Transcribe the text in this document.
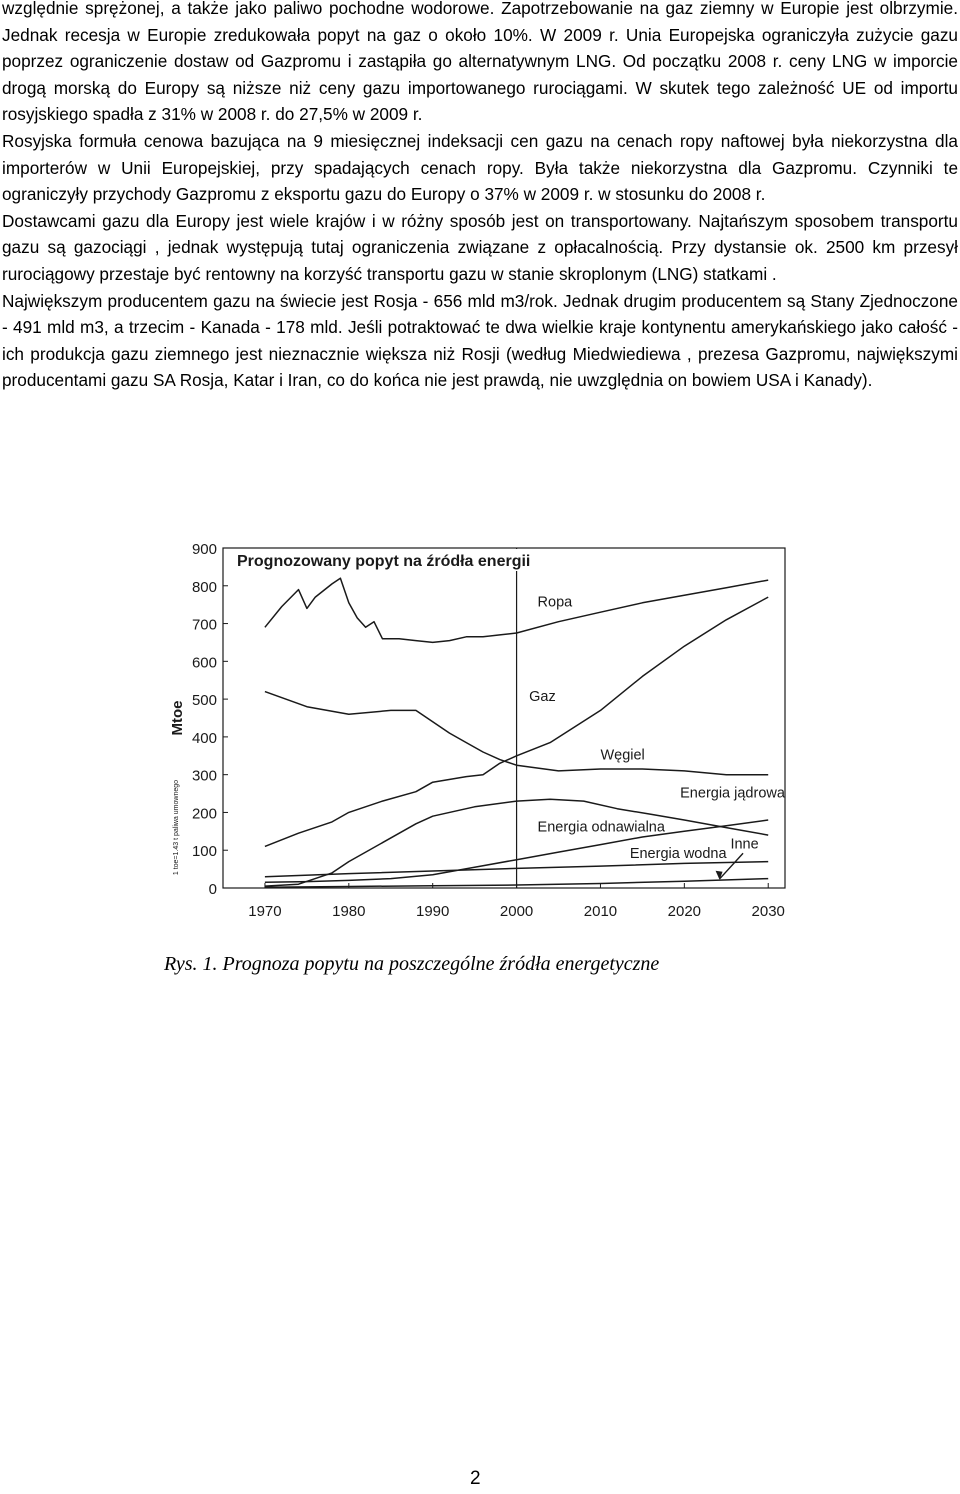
względnie sprężonej, a także jako paliwo pochodne wodorowe. Zapotrzebowanie na gaz ziemny w Europie jest olbrzymie. Jednak recesja w Europie zredukowała popyt na gaz o około 10%. W 2009 r. Unia Europejska ograniczyła zużycie gazu poprzez ograniczenie dostaw od Gazpromu i zastąpiła go alternatywnym LNG. Od początku 2008 r. ceny LNG w imporcie drogą morską do Europy są niższe niż ceny gazu importowanego rurociągami. W skutek tego zależność UE od importu rosyjskiego spadła z 31% w 2008 r. do 27,5% w 2009 r.

Rosyjska formuła cenowa bazująca na 9 miesięcznej indeksacji cen gazu na cenach ropy naftowej była niekorzystna dla importerów w Unii Europejskiej, przy spadających cenach ropy. Była także niekorzystna dla Gazpromu. Czynniki te ograniczyły przychody Gazpromu z eksportu gazu do Europy o 37% w 2009 r. w stosunku do 2008 r.

Dostawcami gazu dla Europy jest wiele krajów i w różny sposób jest on transportowany. Najtańszym sposobem transportu gazu są gazociągi , jednak występują tutaj ograniczenia związane z opłacalnością. Przy dystansie ok. 2500 km przesył rurociągowy przestaje być rentowny na korzyść transportu gazu w stanie skroplonym (LNG) statkami .

Największym producentem gazu na świecie jest Rosja - 656 mld m3/rok. Jednak drugim producentem są Stany Zjednoczone - 491 mld m3, a trzecim - Kanada - 178 mld. Jeśli potraktować te dwa wielkie kraje kontynentu amerykańskiego jako całość - ich produkcja gazu ziemnego jest nieznacznie większa niż Rosji (według Miedwiediewa , prezesa Gazpromu, największymi producentami gazu SA Rosja, Katar i Iran, co do końca nie jest prawdą, nie uwzględnia on bowiem USA i Kanady).

0
100
200
300
400
500
600
700
800
900
1970	1980	1990	2000	2010	2020	2030
Mtoe
1 toe=1.43 t paliwa umownego
Prognozowany popyt na źródła energii
Ropa
Gaz
Węgiel
Energia jądrowa
Energia odnawialna
Energia wodna
Inne
Rys. 1. Prognoza popytu na poszczególne źródła energetyczne
2
